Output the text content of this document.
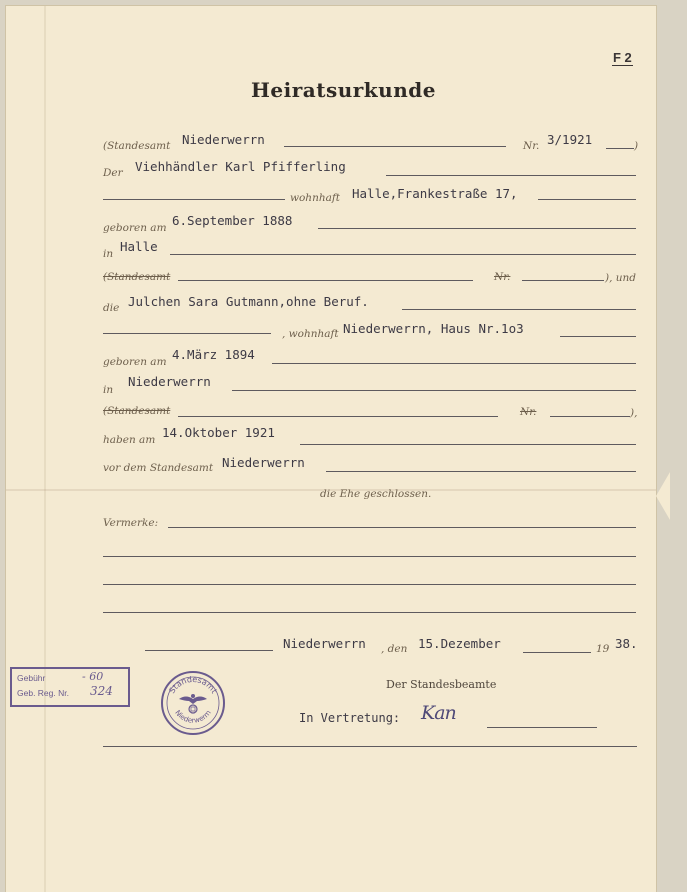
F 2
Heiratsurkunde
(Standesamt Niederwerrn	Nr. 3/1921	)
Der Viehhändler Karl Pfifferling
wohnhaft Halle,Frankestraße 17,
geboren am 6.September 1888
in Halle
(Standesamt	Nr.	), und
die Julchen Sara Gutmann,ohne Beruf.
, wohnhaft Niederwerrn, Haus Nr.1o3
geboren am 4.März 1894
in
Niederwerrn
(Standesamt	Nr.	),
haben am 14.Oktober 1921
vor dem Standesamt Niederwerrn
die Ehe geschlossen.
Vermerke:
Niederwerrn , den 15.Dezember	19 38.
Der Standesbeamte
In Vertretung: Kan
Gebühr	- 60
Geb. Reg. Nr. 324	Standesamt
Niederwerrn
